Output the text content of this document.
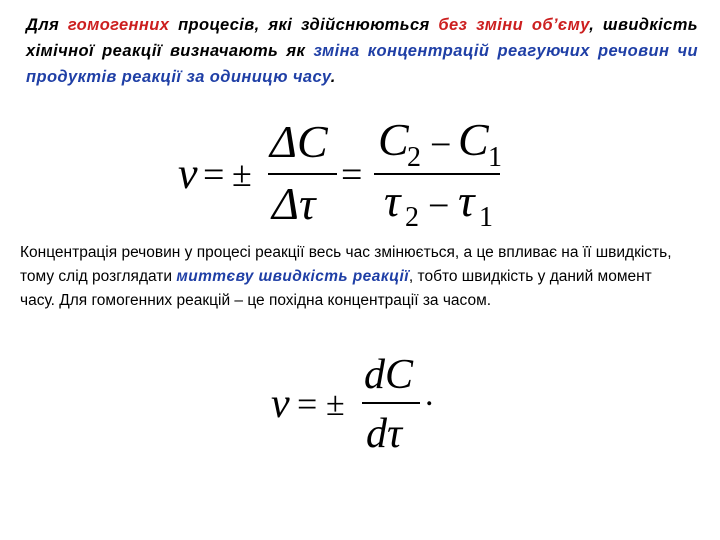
Для гомогенних процесів, які здійснюються без зміни об’єму, швидкість хімічної реакції визначають як зміна концентрацій реагуючих речовин чи продуктів реакції за одиницю часу.
v = ±
ΔC
Δτ
=
C
2 − C 1
τ 2 − τ 1
v = ±
dC
dτ
.
Концентрація речовин у процесі реакції весь час змінюється, а це впливає на її швидкість, тому слід розглядати миттєву швидкість реакції, тобто швидкість у даний момент часу. Для гомогенних реакцій – це похідна концентрації за часом.
